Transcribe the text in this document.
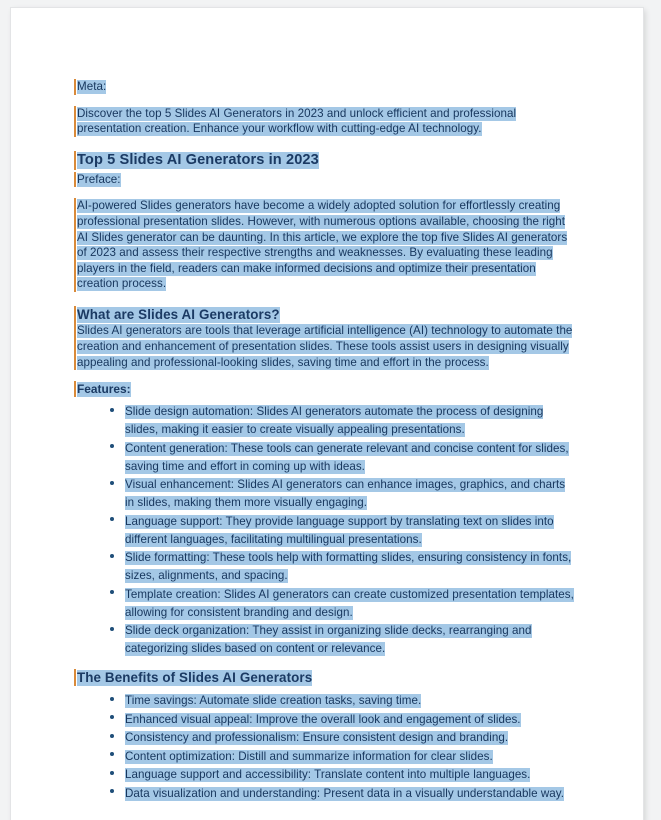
Meta:
Discover the top 5 Slides AI Generators in 2023 and unlock efficient and professional presentation creation. Enhance your workflow with cutting-edge AI technology.
Top 5 Slides AI Generators in 2023
Preface:
AI-powered Slides generators have become a widely adopted solution for effortlessly creating professional presentation slides. However, with numerous options available, choosing the right AI Slides generator can be daunting. In this article, we explore the top five Slides AI generators of 2023 and assess their respective strengths and weaknesses. By evaluating these leading players in the field, readers can make informed decisions and optimize their presentation creation process.
What are Slides AI Generators?
Slides AI generators are tools that leverage artificial intelligence (AI) technology to automate the creation and enhancement of presentation slides. These tools assist users in designing visually appealing and professional-looking slides, saving time and effort in the process.
Features:
Slide design automation: Slides AI generators automate the process of designing slides, making it easier to create visually appealing presentations.
Content generation: These tools can generate relevant and concise content for slides, saving time and effort in coming up with ideas.
Visual enhancement: Slides AI generators can enhance images, graphics, and charts in slides, making them more visually engaging.
Language support: They provide language support by translating text on slides into different languages, facilitating multilingual presentations.
Slide formatting: These tools help with formatting slides, ensuring consistency in fonts, sizes, alignments, and spacing.
Template creation: Slides AI generators can create customized presentation templates, allowing for consistent branding and design.
Slide deck organization: They assist in organizing slide decks, rearranging and categorizing slides based on content or relevance.
The Benefits of Slides AI Generators
Time savings: Automate slide creation tasks, saving time.
Enhanced visual appeal: Improve the overall look and engagement of slides.
Consistency and professionalism: Ensure consistent design and branding.
Content optimization: Distill and summarize information for clear slides.
Language support and accessibility: Translate content into multiple languages.
Data visualization and understanding: Present data in a visually understandable way.
